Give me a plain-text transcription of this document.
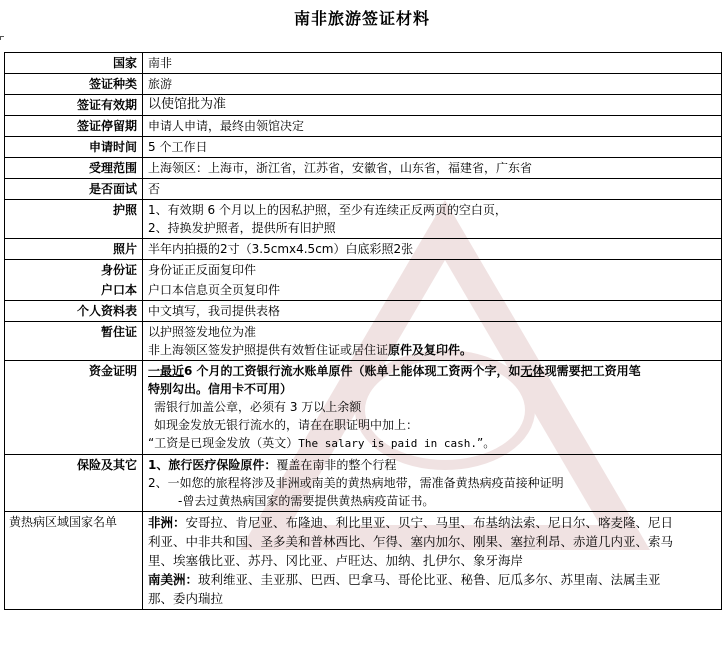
南非旅游签证材料
国家	南非
签证种类	旅游
签证有效期	以使馆批为准
签证停留期	申请人申请，最终由领馆决定
申请时间	5 个工作日
受理范围	上海领区：上海市，浙江省，江苏省，安徽省，山东省，福建省，广东省
是否面试	否
护照	1、有效期 6 个月以上的因私护照，至少有连续正反两页的空白页，
2、持换发护照者，提供所有旧护照

照片	半年内拍摄的2寸（3.5cmx4.5cm）白底彩照2张
身份证	身份证正反面复印件
户口本	户口本信息页全页复印件
个人资料表	中文填写，我司提供表格
暂住证	以护照签发地位为准
非上海领区签发护照提供有效暂住证或居住证原件及复印件。

资金证明	一最近6 个月的工资银行流水账单原件（账单上能体现工资两个字，如无体现需要把工资用笔
特别勾出。信用卡不可用）
需银行加盖公章，必须有 3 万以上余额
如现金发放无银行流水的，请在在职证明中加上：
“工资是已现金发放（英文）The salary is paid in cash.”。

保险及其它	1、旅行医疗保险原件：覆盖在南非的整个行程
2、一如您的旅程将涉及非洲或南美的黄热病地带，需准备黄热病疫苗接种证明
-曾去过黄热病国家的需要提供黄热病疫苗证书。

黄热病区域国家名单	非洲：安哥拉、肯尼亚、布隆迪、利比里亚、贝宁、马里、布基纳法索、尼日尔、喀麦隆、尼日
利亚、中非共和国、圣多美和普林西比、乍得、塞内加尔、刚果、塞拉利昂、赤道几内亚、索马
里、埃塞俄比亚、苏丹、冈比亚、卢旺达、加纳、扎伊尔、象牙海岸
南美洲：玻利维亚、圭亚那、巴西、巴拿马、哥伦比亚、秘鲁、厄瓜多尔、苏里南、法属圭亚
那、委内瑞拉
